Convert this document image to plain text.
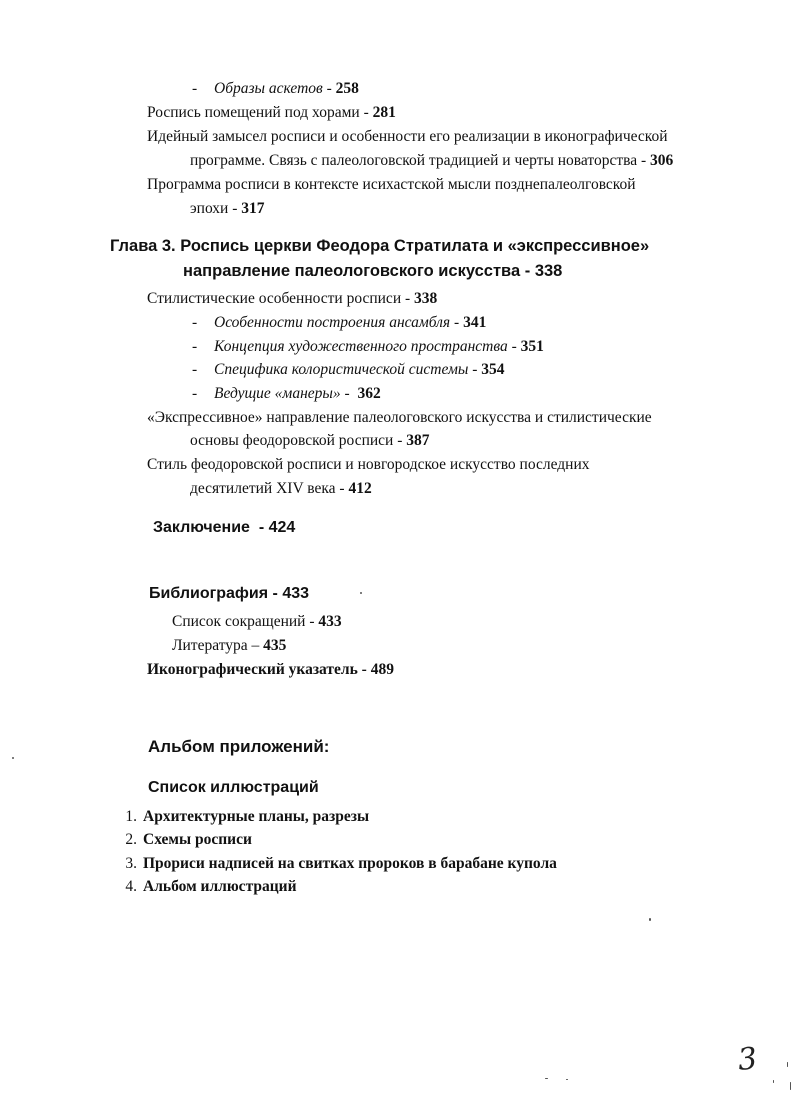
- Образы аскетов - 258
Роспись помещений под хорами - 281
Идейный замысел росписи и особенности его реализации в иконографической
программе. Связь с палеологовской традицией и черты новаторства - 306
Программа росписи в контексте исихастской мысли позднепалеолговской
эпохи - 317
Глава 3. Роспись церкви Феодора Стратилата и «экспрессивное»
направление палеологовского искусства - 338
Стилистические особенности росписи - 338
- Особенности построения ансамбля - 341
- Концепция художественного пространства - 351
- Специфика колористической системы - 354
- Ведущие «манеры» -  362
«Экспрессивное» направление палеологовского искусства и стилистические
основы феодоровской росписи - 387
Стиль феодоровской росписи и новгородское искусство последних
десятилетий XIV века - 412
Заключение  - 424
Библиография - 433
Список сокращений - 433
Литература – 435
Иконографический указатель - 489
Альбом приложений:
Список иллюстраций
1. Архитектурные планы, разрезы
2. Схемы росписи
3. Прориси надписей на свитках пророков в барабане купола
4. Альбом иллюстраций
3
